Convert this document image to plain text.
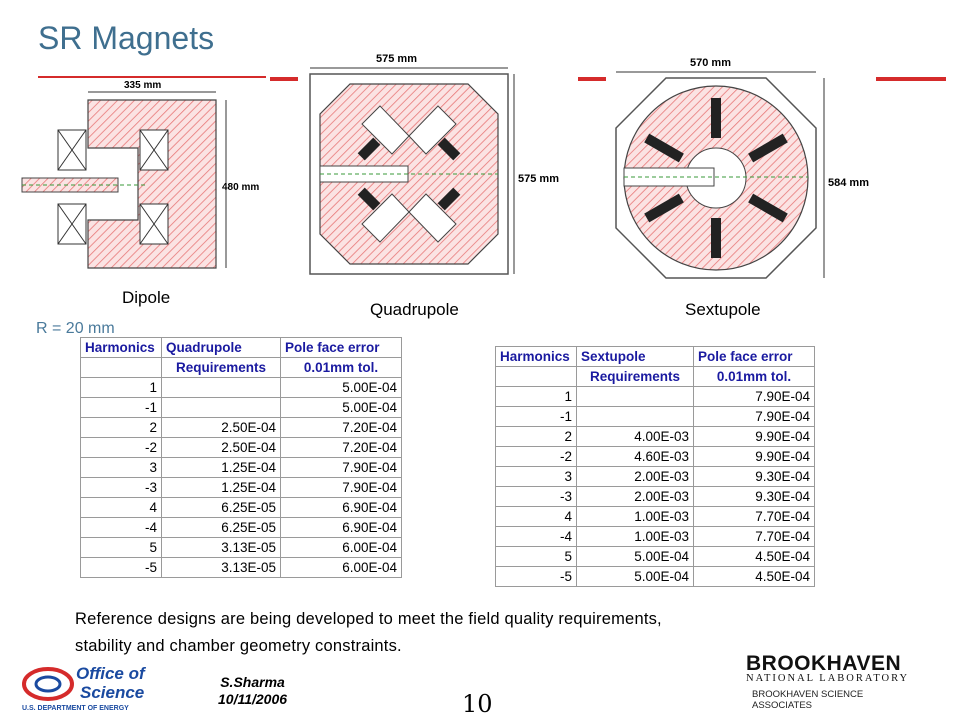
SR Magnets
335 mm
480 mm
575 mm
575 mm
570 mm
584 mm
Dipole
Quadrupole	Sextupole
R = 20 mm
Harmonics	Quadrupole	Pole face error
	Requirements	0.01mm tol.
1		5.00E-04
-1		5.00E-04
2	2.50E-04	7.20E-04
-2	2.50E-04	7.20E-04
3	1.25E-04	7.90E-04
-3	1.25E-04	7.90E-04
4	6.25E-05	6.90E-04
-4	6.25E-05	6.90E-04
5	3.13E-05	6.00E-04
-5	3.13E-05	6.00E-04
Harmonics	Sextupole	Pole face error
	Requirements	0.01mm tol.
1		7.90E-04
-1		7.90E-04
2	4.00E-03	9.90E-04
-2	4.60E-03	9.90E-04
3	2.00E-03	9.30E-04
-3	2.00E-03	9.30E-04
4	1.00E-03	7.70E-04
-4	1.00E-03	7.70E-04
5	5.00E-04	4.50E-04
-5	5.00E-04	4.50E-04
Reference designs are being developed to meet the field quality requirements,
stability and chamber geometry constraints.
Office of
Science
U.S. DEPARTMENT OF ENERGY
S.Sharma
10/11/2006	10
BROOKHAVEN
NATIONAL LABORATORY
BROOKHAVEN SCIENCE
ASSOCIATES
